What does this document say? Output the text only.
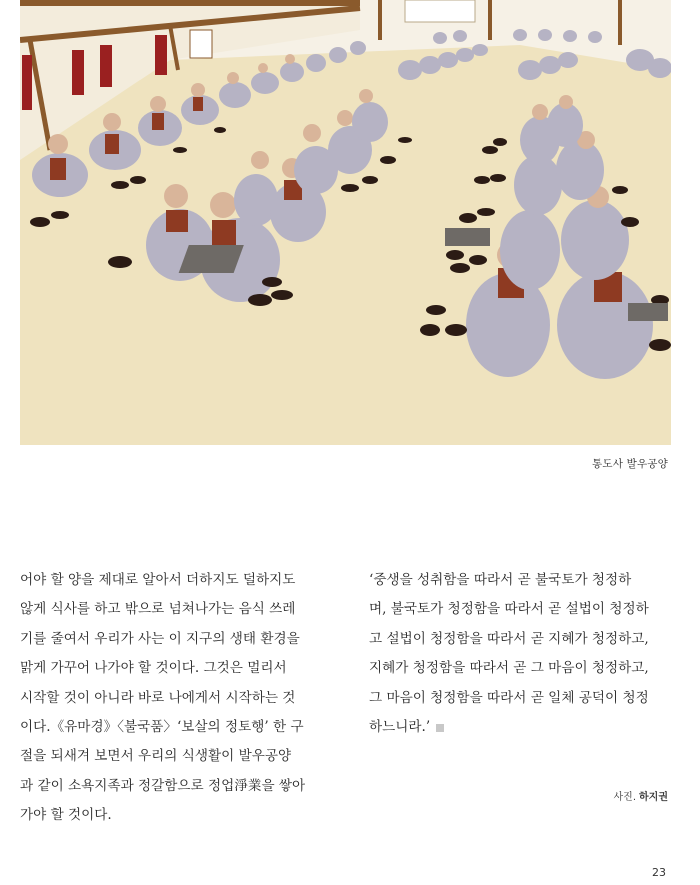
통도사 발우공양
어야 할 양을 제대로 알아서 더하지도 덜하지도
않게 식사를 하고 밖으로 넘쳐나가는 음식 쓰레
기를 줄여서 우리가 사는 이 지구의 생태 환경을
맑게 가꾸어 나가야 할 것이다. 그것은 멀리서
시작할 것이 아니라 바로 나에게서 시작하는 것
이다.《유마경》〈불국품〉‘보살의 정토행’ 한 구
절을 되새겨 보면서 우리의 식생활이 발우공양
과 같이 소욕지족과 정갈함으로 정업淨業을 쌓아
가야 할 것이다.
‘중생을 성취함을 따라서 곧 불국토가 청정하
며, 불국토가 청정함을 따라서 곧 설법이 청정하
고 설법이 청정함을 따라서 곧 지혜가 청정하고,
지혜가 청정함을 따라서 곧 그 마음이 청정하고,
그 마음이 청정함을 따라서 곧 일체 공덕이 청정
하느니라.’
사진. 하지권
23
